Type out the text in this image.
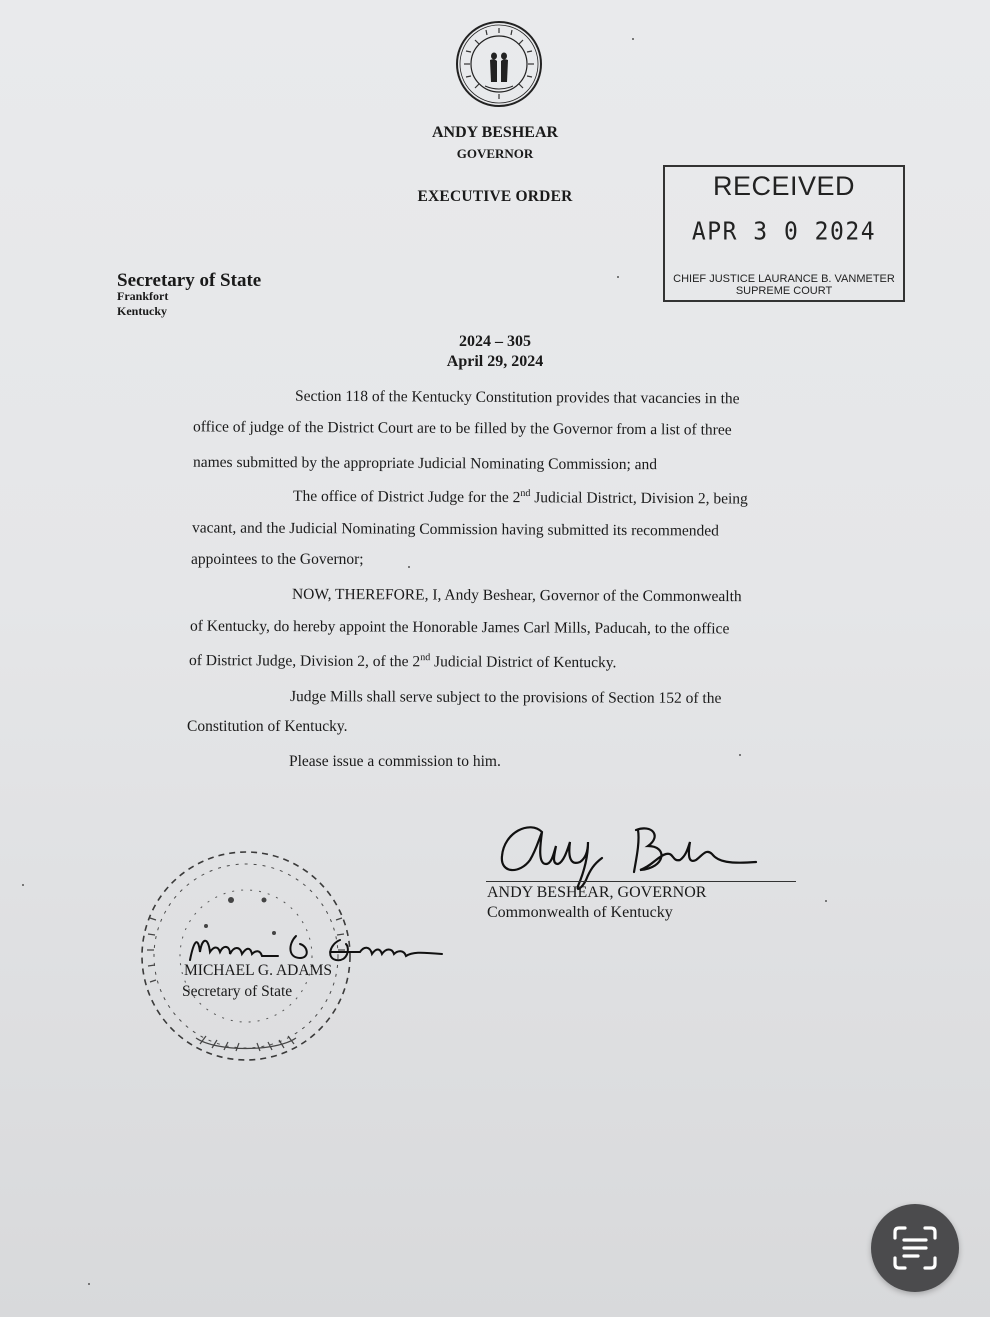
ANDY BESHEAR
GOVERNOR
EXECUTIVE ORDER	RECEIVED
APR 3 0 2024
CHIEF JUSTICE LAURANCE B. VANMETER
SUPREME COURT
Secretary of State
Frankfort
Kentucky
2024 – 305
April 29, 2024
Section 118 of the Kentucky Constitution provides that vacancies in the
office of judge of the District Court are to be filled by the Governor from a list of three
names submitted by the appropriate Judicial Nominating Commission; and
The office of District Judge for the 2nd Judicial District, Division 2, being
vacant, and the Judicial Nominating Commission having submitted its recommended
appointees to the Governor;
NOW, THEREFORE, I, Andy Beshear, Governor of the Commonwealth
of Kentucky, do hereby appoint the Honorable James Carl Mills, Paducah, to the office
of District Judge, Division 2, of the 2nd Judicial District of Kentucky.
Judge Mills shall serve subject to the provisions of Section 152 of the
Constitution of Kentucky.
Please issue a commission to him.
ANDY BESHEAR, GOVERNOR
Commonwealth of Kentucky
MICHAEL G. ADAMS
Secretary of State
